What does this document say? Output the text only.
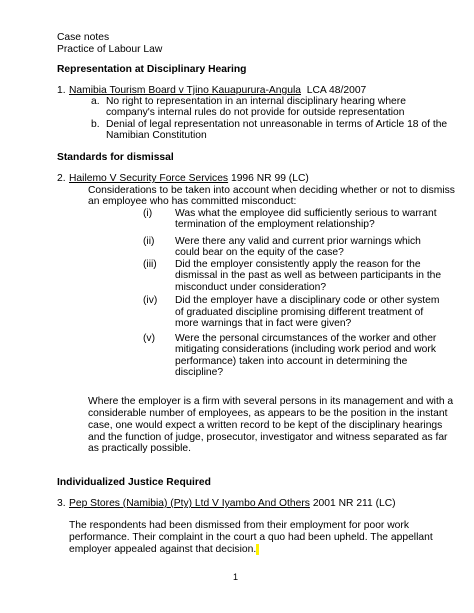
Case notes
Practice of Labour Law
Representation at Disciplinary Hearing
1. Namibia Tourism Board v Tjino Kauapurura-Angula LCA 48/2007
a. No right to representation in an internal disciplinary hearing where
company's internal rules do not provide for outside representation
b. Denial of legal representation not unreasonable in terms of Article 18 of the
Namibian Constitution
Standards for dismissal
2. Hailemo V Security Force Services 1996 NR 99 (LC)
Considerations to be taken into account when deciding whether or not to dismiss
an employee who has committed misconduct:
(i) Was what the employee did sufficiently serious to warrant
termination of the employment relationship?
(ii) Were there any valid and current prior warnings which
could bear on the equity of the case?
(iii) Did the employer consistently apply the reason for the
dismissal in the past as well as between participants in the
misconduct under consideration?
(iv) Did the employer have a disciplinary code or other system
of graduated discipline promising different treatment of
more warnings that in fact were given?
(v) Were the personal circumstances of the worker and other
mitigating considerations (including work period and work
performance) taken into account in determining the
discipline?
Where the employer is a firm with several persons in its management and with a
considerable number of employees, as appears to be the position in the instant
case, one would expect a written record to be kept of the disciplinary hearings
and the function of judge, prosecutor, investigator and witness separated as far
as practically possible.
Individualized Justice Required
3. Pep Stores (Namibia) (Pty) Ltd V Iyambo And Others 2001 NR 211 (LC)
The respondents had been dismissed from their employment for poor work
performance. Their complaint in the court a quo had been upheld. The appellant
employer appealed against that decision.
1
